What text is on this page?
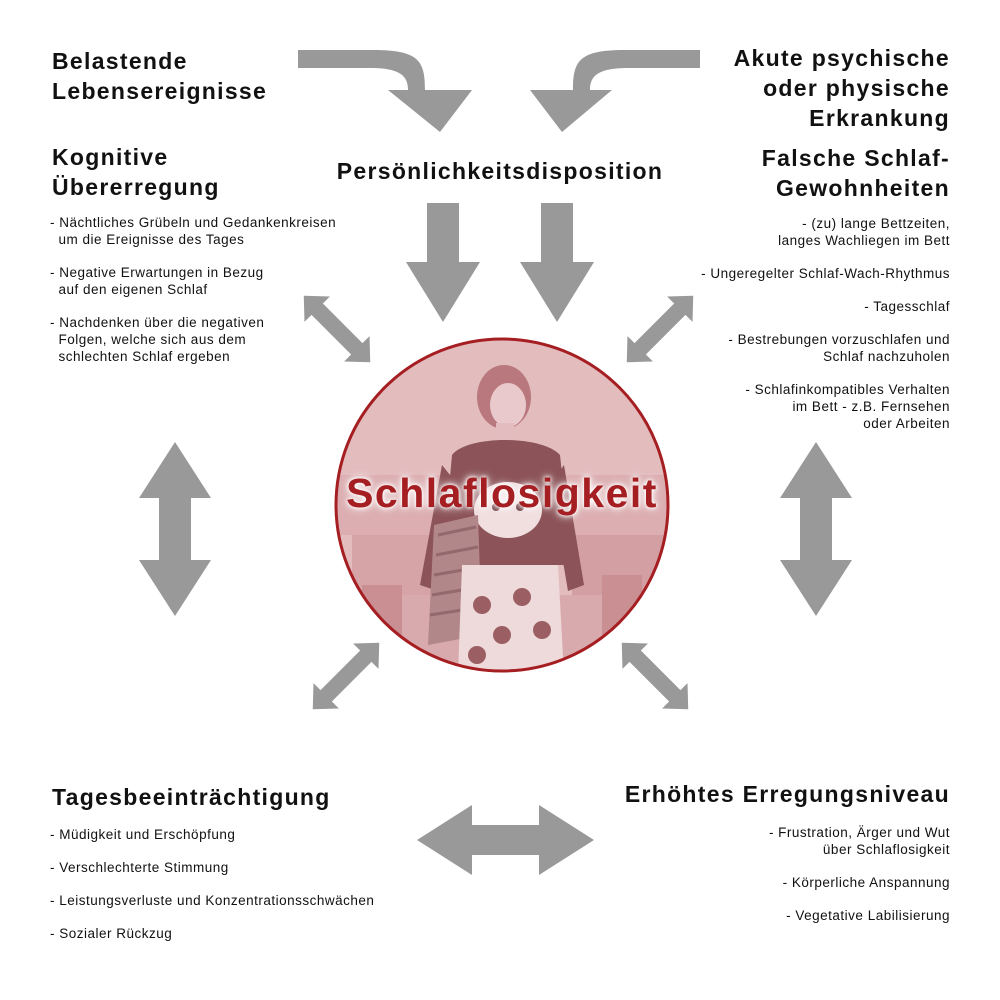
Schlaflosigkeit
Belastende
Lebensereignisse
Akute psychische
oder physische
Erkrankung
Persönlichkeitsdisposition
Kognitive
Übererregung
- Nächtliches Grübeln und Gedankenkreisen
um die Ereignisse des Tages
- Negative Erwartungen in Bezug
auf den eigenen Schlaf
- Nachdenken über die negativen
Folgen, welche sich aus dem
schlechten Schlaf ergeben
Falsche Schlaf-
Gewohnheiten
- (zu) lange Bettzeiten,
langes Wachliegen im Bett
- Ungeregelter Schlaf-Wach-Rhythmus
- Tagesschlaf
- Bestrebungen vorzuschlafen und
Schlaf nachzuholen
- Schlafinkompatibles Verhalten
im Bett - z.B. Fernsehen
oder Arbeiten
Tagesbeeinträchtigung
- Müdigkeit und Erschöpfung
- Verschlechterte Stimmung
- Leistungsverluste und Konzentrationsschwächen
- Sozialer Rückzug
Erhöhtes Erregungsniveau
- Frustration, Ärger und Wut
über Schlaflosigkeit
- Körperliche Anspannung
- Vegetative Labilisierung
